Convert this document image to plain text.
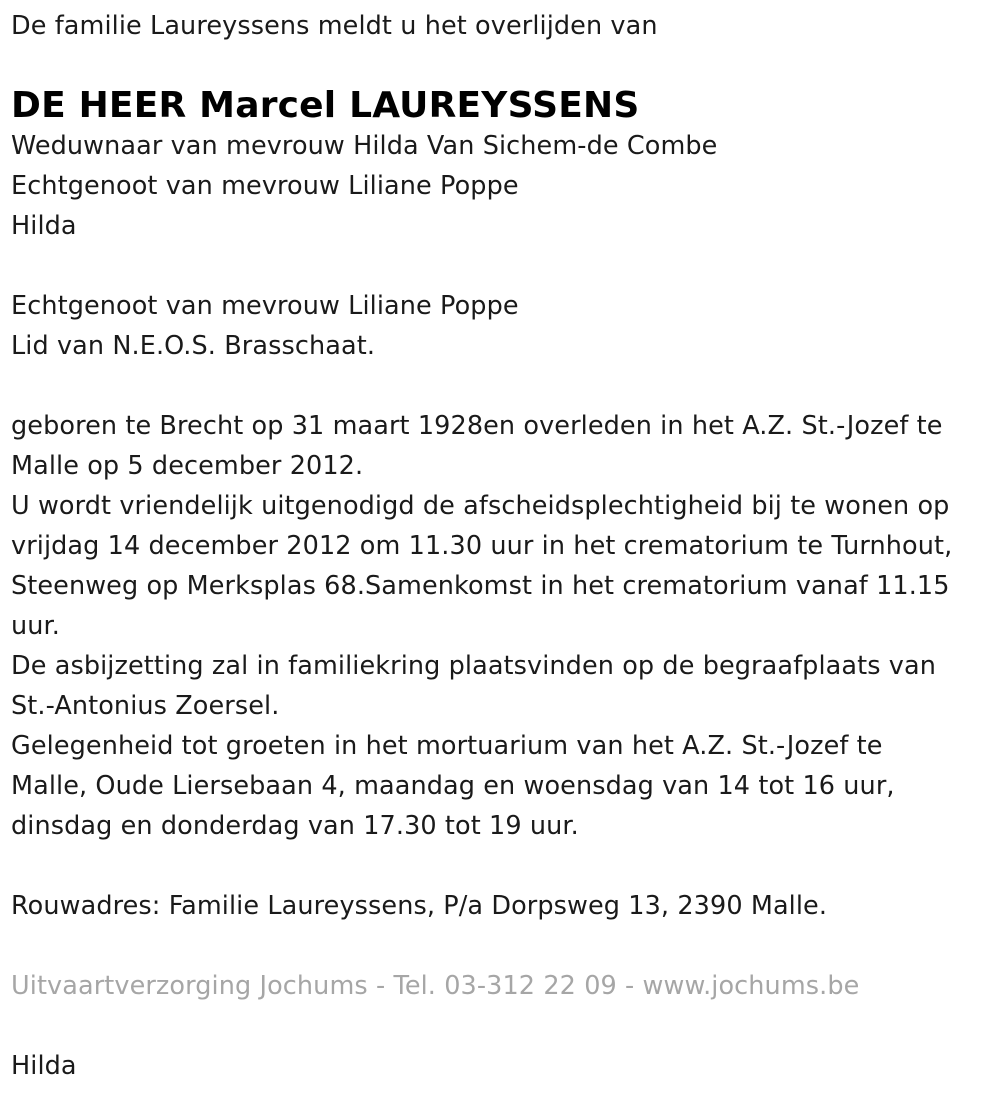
De familie Laureyssens meldt u het overlijden van
DE HEER Marcel LAUREYSSENS
Weduwnaar van mevrouw Hilda Van Sichem-de Combe
Echtgenoot van mevrouw Liliane Poppe
Hilda
Echtgenoot van mevrouw Liliane Poppe
Lid van N.E.O.S. Brasschaat.
geboren te Brecht op 31 maart 1928en overleden in het A.Z. St.-Jozef te
Malle op 5 december 2012.
U wordt vriendelijk uitgenodigd de afscheidsplechtigheid bij te wonen op
vrijdag 14 december 2012 om 11.30 uur in het crematorium te Turnhout,
Steenweg op Merksplas 68.Samenkomst in het crematorium vanaf 11.15
uur.
De asbijzetting zal in familiekring plaatsvinden op de begraafplaats van
St.-Antonius Zoersel.
Gelegenheid tot groeten in het mortuarium van het A.Z. St.-Jozef te
Malle, Oude Liersebaan 4, maandag en woensdag van 14 tot 16 uur,
dinsdag en donderdag van 17.30 tot 19 uur.
Rouwadres: Familie Laureyssens, P/a Dorpsweg 13, 2390 Malle.
Uitvaartverzorging Jochums - Tel. 03-312 22 09 - www.jochums.be
Hilda
